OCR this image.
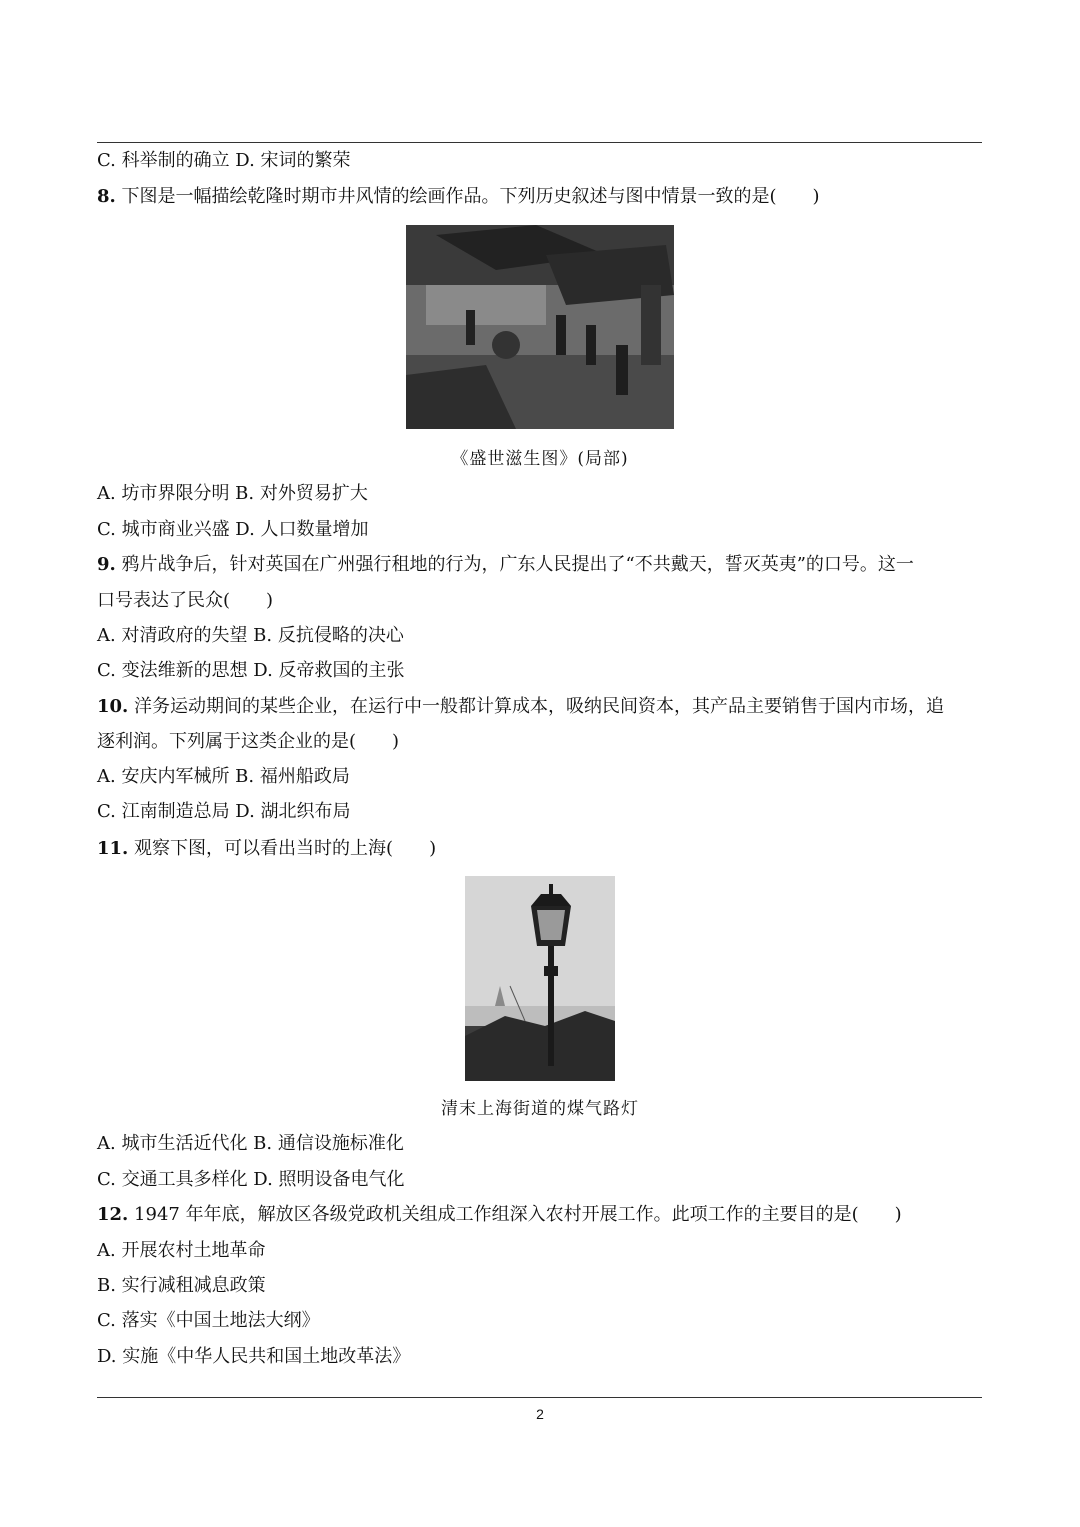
C. 科举制的确立 D. 宋词的繁荣
8. 下图是一幅描绘乾隆时期市井风情的绘画作品。下列历史叙述与图中情景一致的是(　　)
《盛世滋生图》(局部)
A. 坊市界限分明 B. 对外贸易扩大
C. 城市商业兴盛 D. 人口数量增加
9. 鸦片战争后，针对英国在广州强行租地的行为，广东人民提出了“不共戴天，誓灭英夷”的口号。这一
口号表达了民众(　　)
A. 对清政府的失望 B. 反抗侵略的决心
C. 变法维新的思想 D. 反帝救国的主张
10. 洋务运动期间的某些企业，在运行中一般都计算成本，吸纳民间资本，其产品主要销售于国内市场，追
逐利润。下列属于这类企业的是(　　)
A. 安庆内军械所 B. 福州船政局
C. 江南制造总局 D. 湖北织布局
11. 观察下图，可以看出当时的上海(　　)
清末上海街道的煤气路灯
A. 城市生活近代化 B. 通信设施标准化
C. 交通工具多样化 D. 照明设备电气化
12. 1947 年年底，解放区各级党政机关组成工作组深入农村开展工作。此项工作的主要目的是(　　)
A. 开展农村土地革命
B. 实行减租减息政策
C. 落实《中国土地法大纲》
D. 实施《中华人民共和国土地改革法》
2
